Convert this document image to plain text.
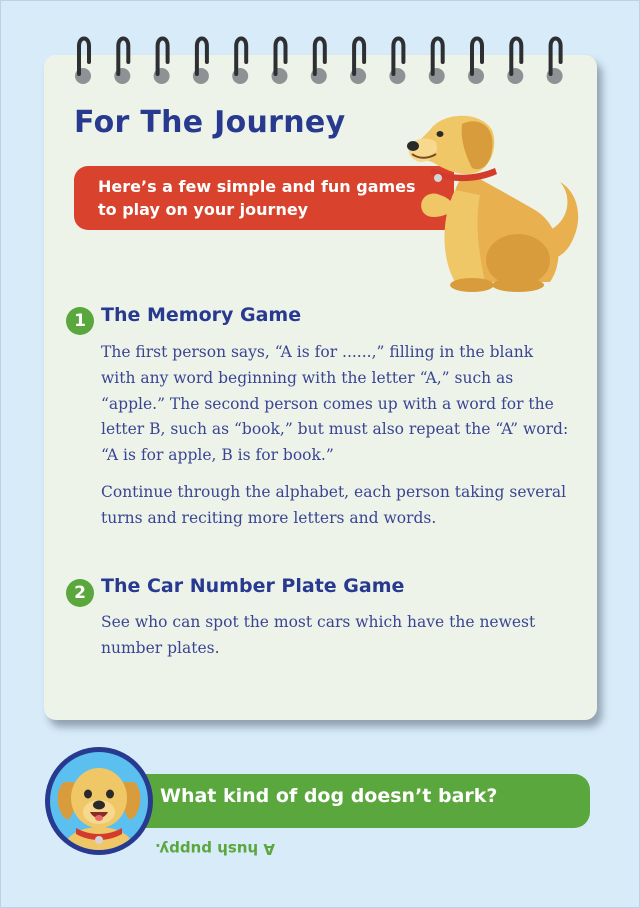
For The Journey
Here’s a few simple and fun games
to play on your journey
1 The Memory Game
The first person says, “A is for ......,” filling in the blank
with any word beginning with the letter “A,” such as
“apple.” The second person comes up with a word for the
letter B, such as “book,” but must also repeat the “A” word:
“A is for apple, B is for book.”
Continue through the alphabet, each person taking several
turns and reciting more letters and words.
2 The Car Number Plate Game
See who can spot the most cars which have the newest
number plates.
What kind of dog doesn’t bark?
A hush puppy.
